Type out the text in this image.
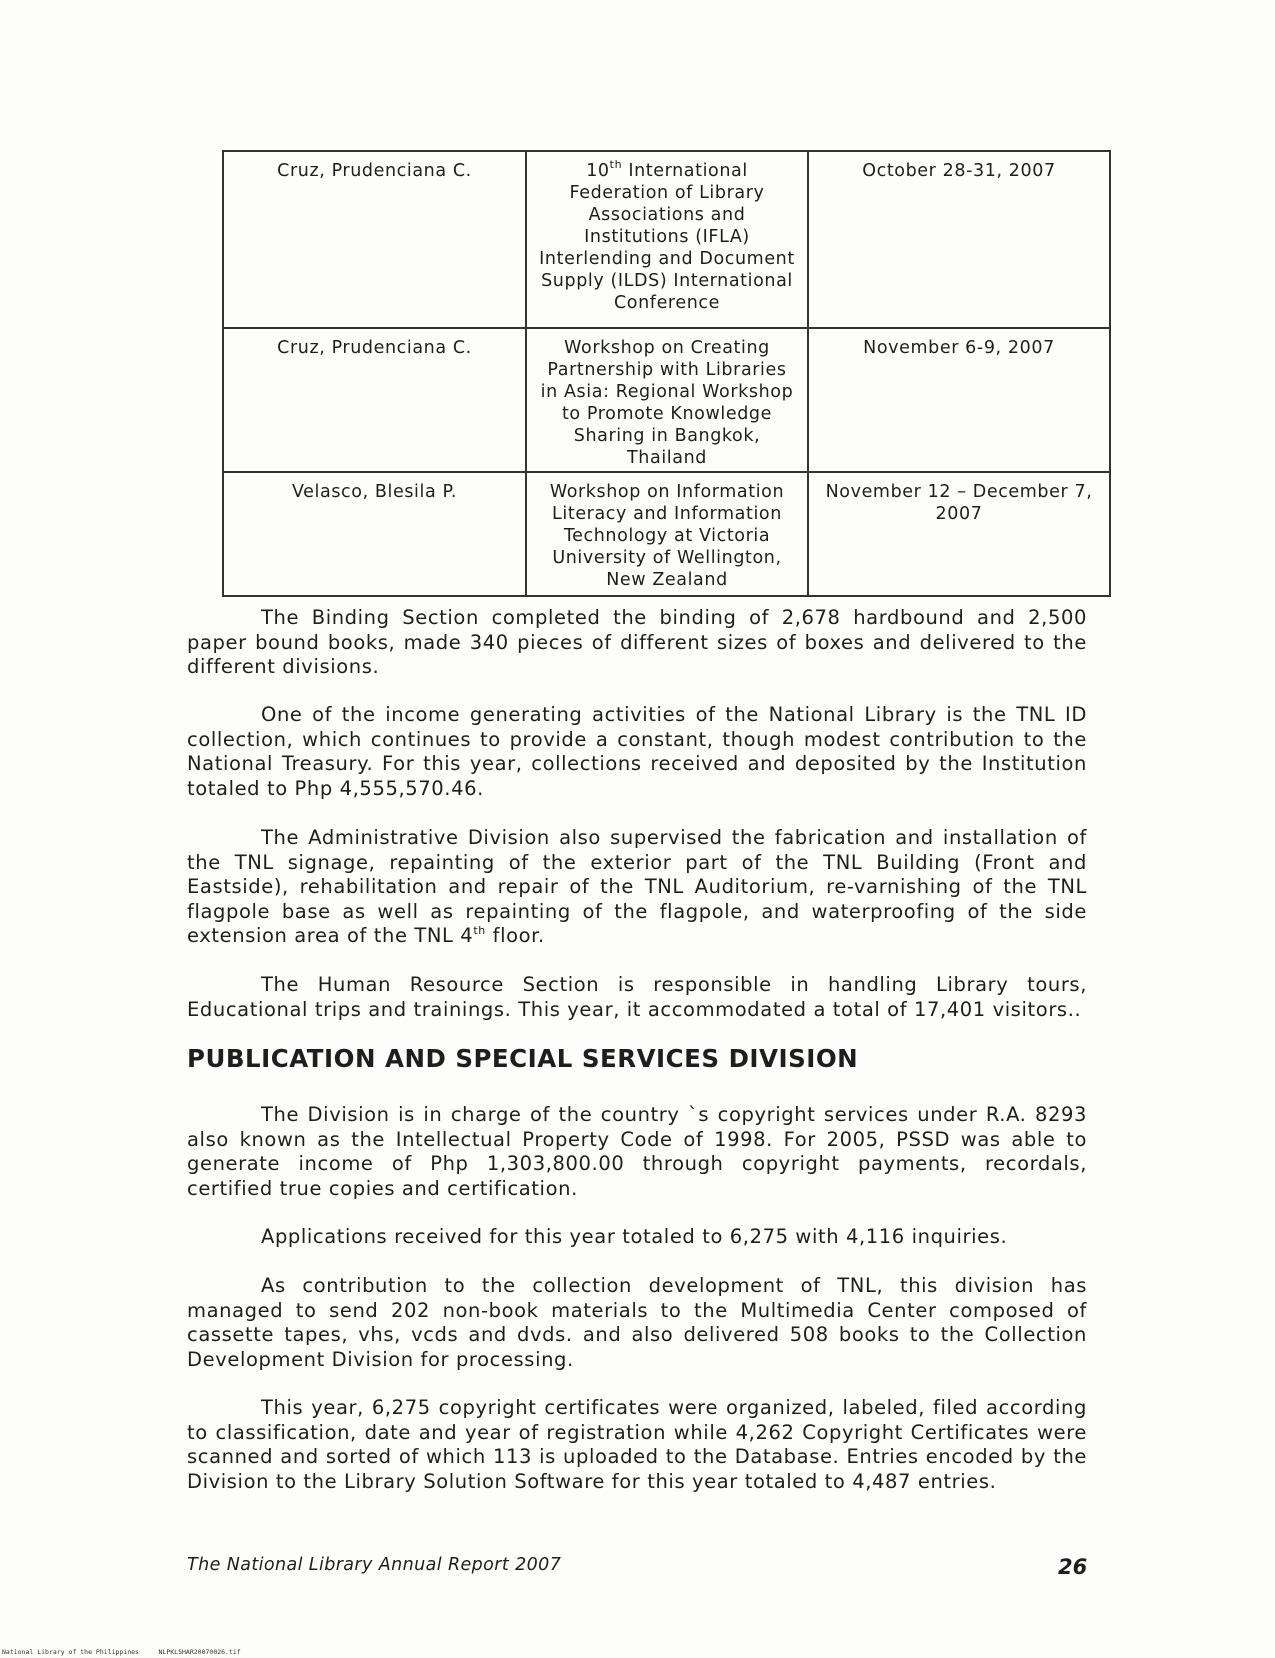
Cruz, Prudenciana C.	10th International Federation of Library Associations and Institutions (IFLA) Interlending and Document Supply (ILDS) International Conference	October 28-31, 2007
Cruz, Prudenciana C.	Workshop on Creating Partnership with Libraries in Asia: Regional Workshop to Promote Knowledge Sharing in Bangkok, Thailand	November 6-9, 2007
Velasco, Blesila P.	Workshop on Information Literacy and Information Technology at Victoria University of Wellington, New Zealand	November 12 – December 7, 2007

The Binding Section completed the binding of 2,678 hardbound and 2,500 paper bound books, made 340 pieces of different sizes of boxes and delivered to the different divisions.

One of the income generating activities of the National Library is the TNL ID collection, which continues to provide a constant, though modest contribution to the National Treasury. For this year, collections received and deposited by the Institution totaled to Php 4,555,570.46.

The Administrative Division also supervised the fabrication and installation of the TNL signage, repainting of the exterior part of the TNL Building (Front and Eastside), rehabilitation and repair of the TNL Auditorium, re-varnishing of the TNL flagpole base as well as repainting of the flagpole, and waterproofing of the side extension area of the TNL 4th floor.

The Human Resource Section is responsible in handling Library tours, Educational trips and trainings. This year, it accommodated a total of 17,401 visitors..

PUBLICATION AND SPECIAL SERVICES DIVISION

The Division is in charge of the country `s copyright services under R.A. 8293 also known as the Intellectual Property Code of 1998. For 2005, PSSD was able to generate income of Php 1,303,800.00 through copyright payments, recordals, certified true copies and certification.

Applications received for this year totaled to 6,275 with 4,116 inquiries.

As contribution to the collection development of TNL, this division has managed to send 202 non-book materials to the Multimedia Center composed of cassette tapes, vhs, vcds and dvds. and also delivered 508 books to the Collection Development Division for processing.

This year, 6,275 copyright certificates were organized, labeled, filed according to classification, date and year of registration while 4,262 Copyright Certificates were scanned and sorted of which 113 is uploaded to the Database. Entries encoded by the Division to the Library Solution Software for this year totaled to 4,487 entries.

The National Library Annual Report 2007	26
National Library of the Philippines     NLPKLSHAR20070026.tif
